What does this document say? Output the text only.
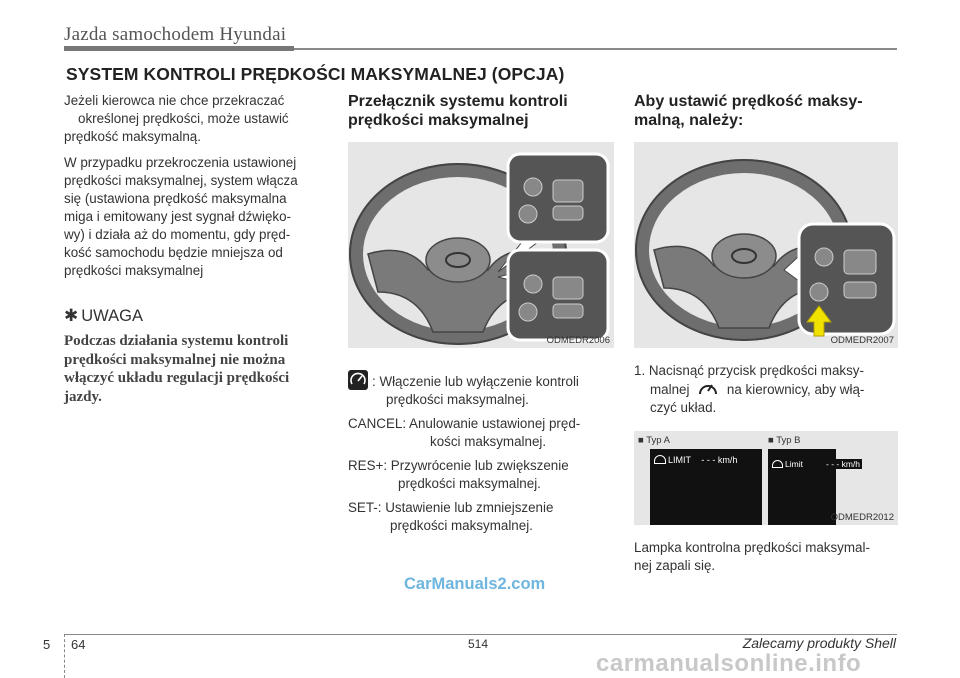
Jazda samochodem Hyundai
SYSTEM KONTROLI PRĘDKOŚCI MAKSYMALNEJ (OPCJA)
Jeżeli kierowca nie chce przekraczać
określonej prędkości, może ustawić
prędkość maksymalną.
W przypadku przekroczenia ustawionej
prędkości maksymalnej, system włącza
się (ustawiona prędkość maksymalna
miga i emitowany jest sygnał dźwięko-
wy) i działa aż do momentu, gdy pręd-
kość samochodu będzie mniejsza od
prędkości maksymalnej
✱ UWAGA
Podczas działania systemu kontroli
prędkości maksymalnej nie można
włączyć układu regulacji prędkości
jazdy.
Przełącznik systemu kontroli
prędkości maksymalnej
ODMEDR2006
: Włączenie lub wyłączenie kontroli
prędkości maksymalnej.
CANCEL: Anulowanie ustawionej pręd-
kości maksymalnej.
RES+: Przywrócenie lub zwiększenie
prędkości maksymalnej.
SET-: Ustawienie lub zmniejszenie
prędkości maksymalnej.
Aby ustawić prędkość maksy-
malną, należy:
ODMEDR2007
1. Nacisnąć przycisk prędkości maksy-
malnej	na kierownicy, aby włą-
czyć układ.
■ Typ A	■ Typ B
LIMIT - - - km/h	Limit	- - - km/h
ODMEDR2012
Lampka kontrolna prędkości maksymal-
nej zapali się.
CarManuals2.com
5 64	514	Zalecamy produkty Shell
carmanualsonline.info
